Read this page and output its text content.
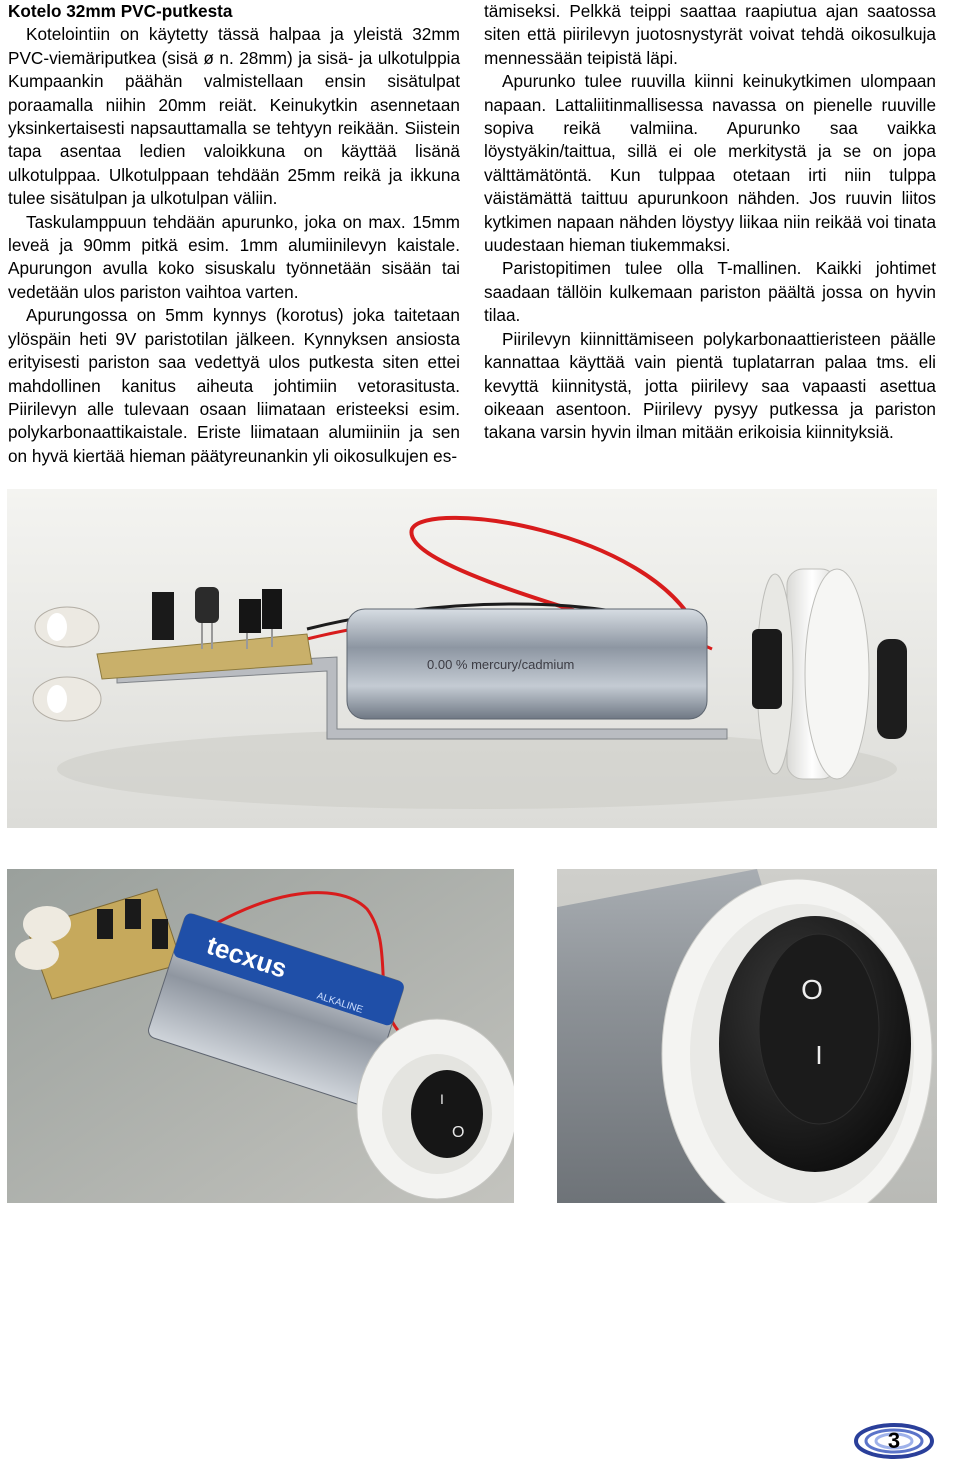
Kotelo 32mm PVC-putkesta

Kotelointiin on käytetty tässä halpaa ja yleistä 32mm PVC-viemäriputkea (sisä ø n. 28mm) ja sisä- ja ulkotulppia Kumpaankin päähän valmistellaan ensin sisätulpat poraamalla niihin 20mm reiät. Keinukytkin asennetaan yksinkertaisesti napsauttamalla se tehtyyn reikään. Siistein tapa asentaa ledien valoikkuna on käyttää lisänä ulkotulppaa. Ulkotulppaan tehdään 25mm reikä ja ikkuna tulee sisätulpan ja ulkotulpan väliin.

Taskulamppuun tehdään apurunko, joka on max. 15mm leveä ja 90mm pitkä esim. 1mm alumiinilevyn kaistale. Apurungon avulla koko sisuskalu työnnetään sisään tai vedetään ulos pariston vaihtoa varten.

Apurungossa on 5mm kynnys (korotus) joka taitetaan ylöspäin heti 9V paristotilan jälkeen. Kynnyksen ansiosta erityisesti pariston saa vedettyä ulos putkesta siten ettei mahdollinen kanitus aiheuta johtimiin vetorasitusta. Piirilevyn alle tulevaan osaan liimataan eristeeksi esim. polykarbonaattikaistale. Eriste liimataan alumiiniin ja sen on hyvä kiertää hieman päätyreunankin yli oikosulkujen es-

tämiseksi. Pelkkä teippi saattaa raapiutua ajan saatossa siten että piirilevyn juotosnystyrät voivat tehdä oikosulkuja mennessään teipistä läpi.

Apurunko tulee ruuvilla kiinni keinukytkimen ulompaan napaan. Lattaliitinmallisessa navassa on pienelle ruuville sopiva reikä valmiina. Apurunko saa vaikka löystyäkin/taittua, sillä ei ole merkitystä ja se on jopa välttämätöntä. Kun tulppaa otetaan irti niin tulppa väistämättä taittuu apurunkoon nähden. Jos ruuvin liitos kytkimen napaan nähden löystyy liikaa niin reikää voi tinata uudestaan hieman tiukemmaksi.

Paristopitimen tulee olla T-mallinen. Kaikki johtimet saadaan tällöin kulkemaan pariston päältä jossa on hyvin tilaa.

Piirilevyn kiinnittämiseen polykarbonaattieristeen päälle kannattaa käyttää vain pientä tuplatarran palaa tms. eli kevyttä kiinnitystä, jotta piirilevy saa vapaasti asettua oikeaan asentoon. Piirilevy pysyy putkessa ja pariston takana varsin hyvin ilman mitään erikoisia kiinnityksiä.

0.00 % mercury/cadmium
tecxus
ALKALINE
I
O
O
I
3
